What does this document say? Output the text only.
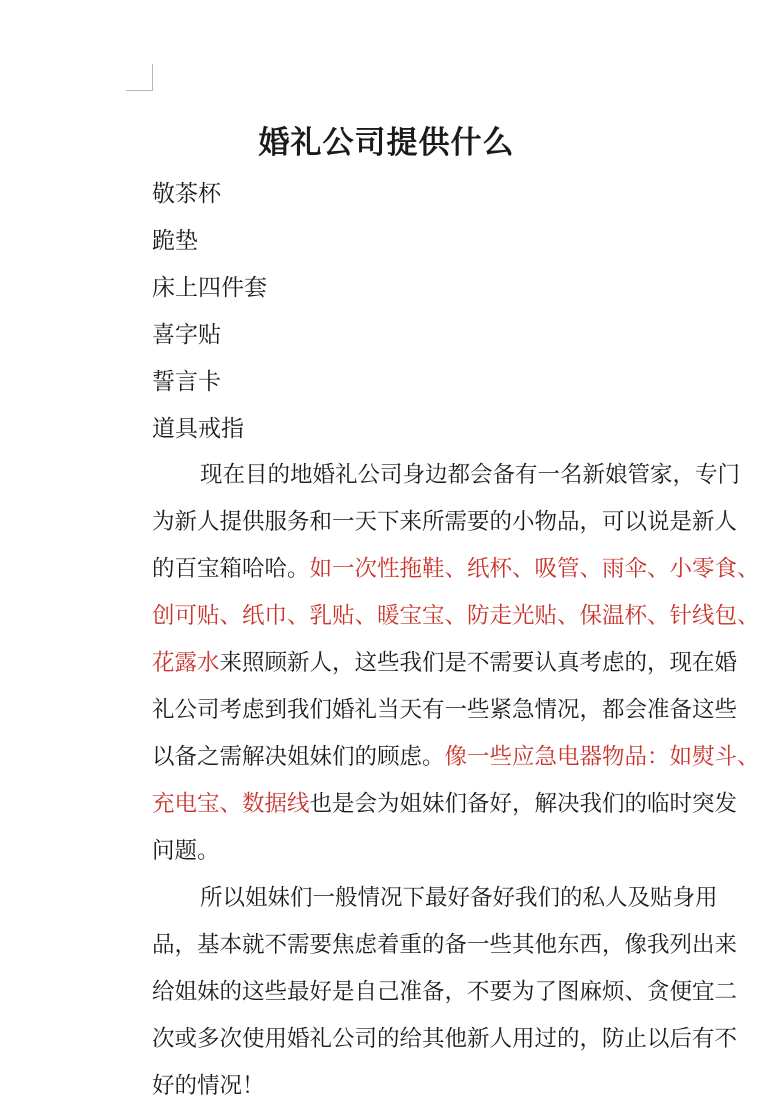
婚礼公司提供什么
敬茶杯
跪垫
床上四件套
喜字贴
誓言卡
道具戒指
现在目的地婚礼公司身边都会备有一名新娘管家，专门
为新人提供服务和一天下来所需要的小物品，可以说是新人
的百宝箱哈哈。如一次性拖鞋、纸杯、吸管、雨伞、小零食、
创可贴、纸巾、乳贴、暖宝宝、防走光贴、保温杯、针线包、
花露水来照顾新人，这些我们是不需要认真考虑的，现在婚
礼公司考虑到我们婚礼当天有一些紧急情况，都会准备这些
以备之需解决姐妹们的顾虑。像一些应急电器物品：如熨斗、
充电宝、数据线也是会为姐妹们备好，解决我们的临时突发
问题。
所以姐妹们一般情况下最好备好我们的私人及贴身用
品，基本就不需要焦虑着重的备一些其他东西，像我列出来
给姐妹的这些最好是自己准备，不要为了图麻烦、贪便宜二
次或多次使用婚礼公司的给其他新人用过的，防止以后有不
好的情况！
